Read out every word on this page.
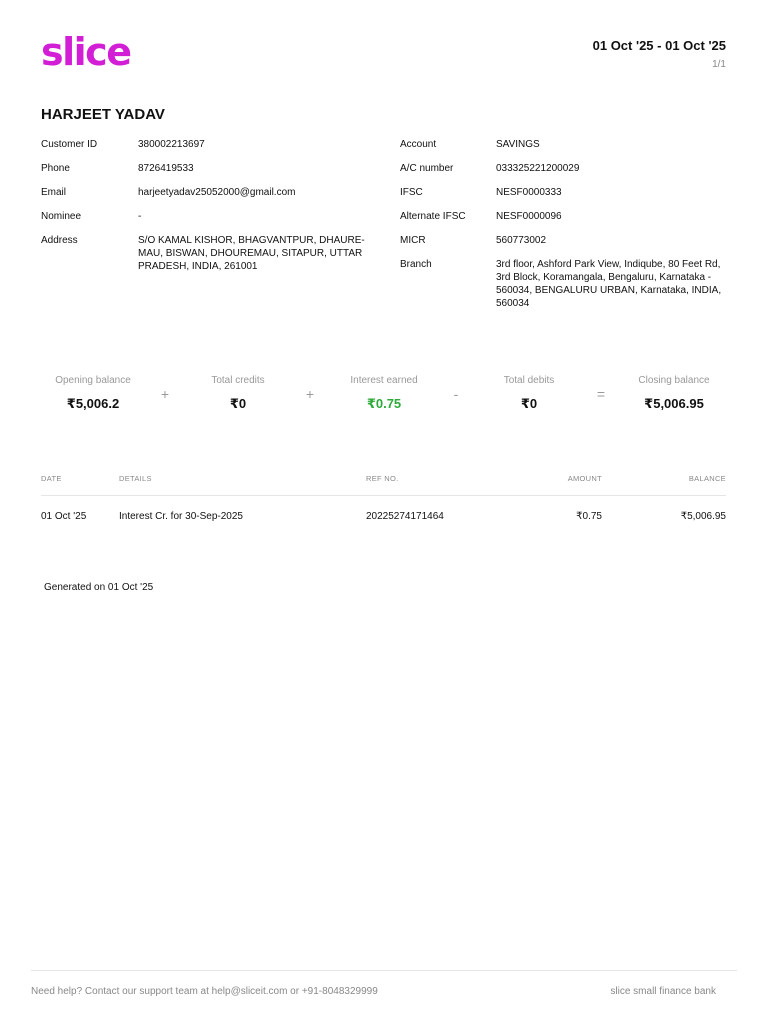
slice	01 Oct '25 - 01 Oct '25
1/1
HARJEET YADAV
Customer ID	380002213697
Phone	8726419533
Email	harjeetyadav25052000@gmail.com
Nominee	-
Address	S/O KAMAL KISHOR, BHAGVANTPUR, DHAURE-MAU, BISWAN, DHOUREMAU, SITAPUR, UTTAR PRADESH, INDIA, 261001
Account	SAVINGS
A/C number	033325221200029
IFSC	NESF0000333
Alternate IFSC	NESF0000096
MICR	560773002
Branch	3rd floor, Ashford Park View, Indiqube, 80 Feet Rd, 3rd Block, Koramangala, Bengaluru, Karnataka - 560034, BENGALURU URBAN, Karnataka, INDIA, 560034
Opening balance
₹5,006.2
+
Total credits
₹0
+
Interest earned
₹0.75
-
Total debits
₹0
=
Closing balance
₹5,006.95
DATE	DETAILS	REF NO.	AMOUNT	BALANCE
01 Oct '25	Interest Cr. for 30-Sep-2025	20225274171464	₹0.75	₹5,006.95
Generated on 01 Oct '25
Need help? Contact our support team at help@sliceit.com or +91-8048329999	slice small finance bank
